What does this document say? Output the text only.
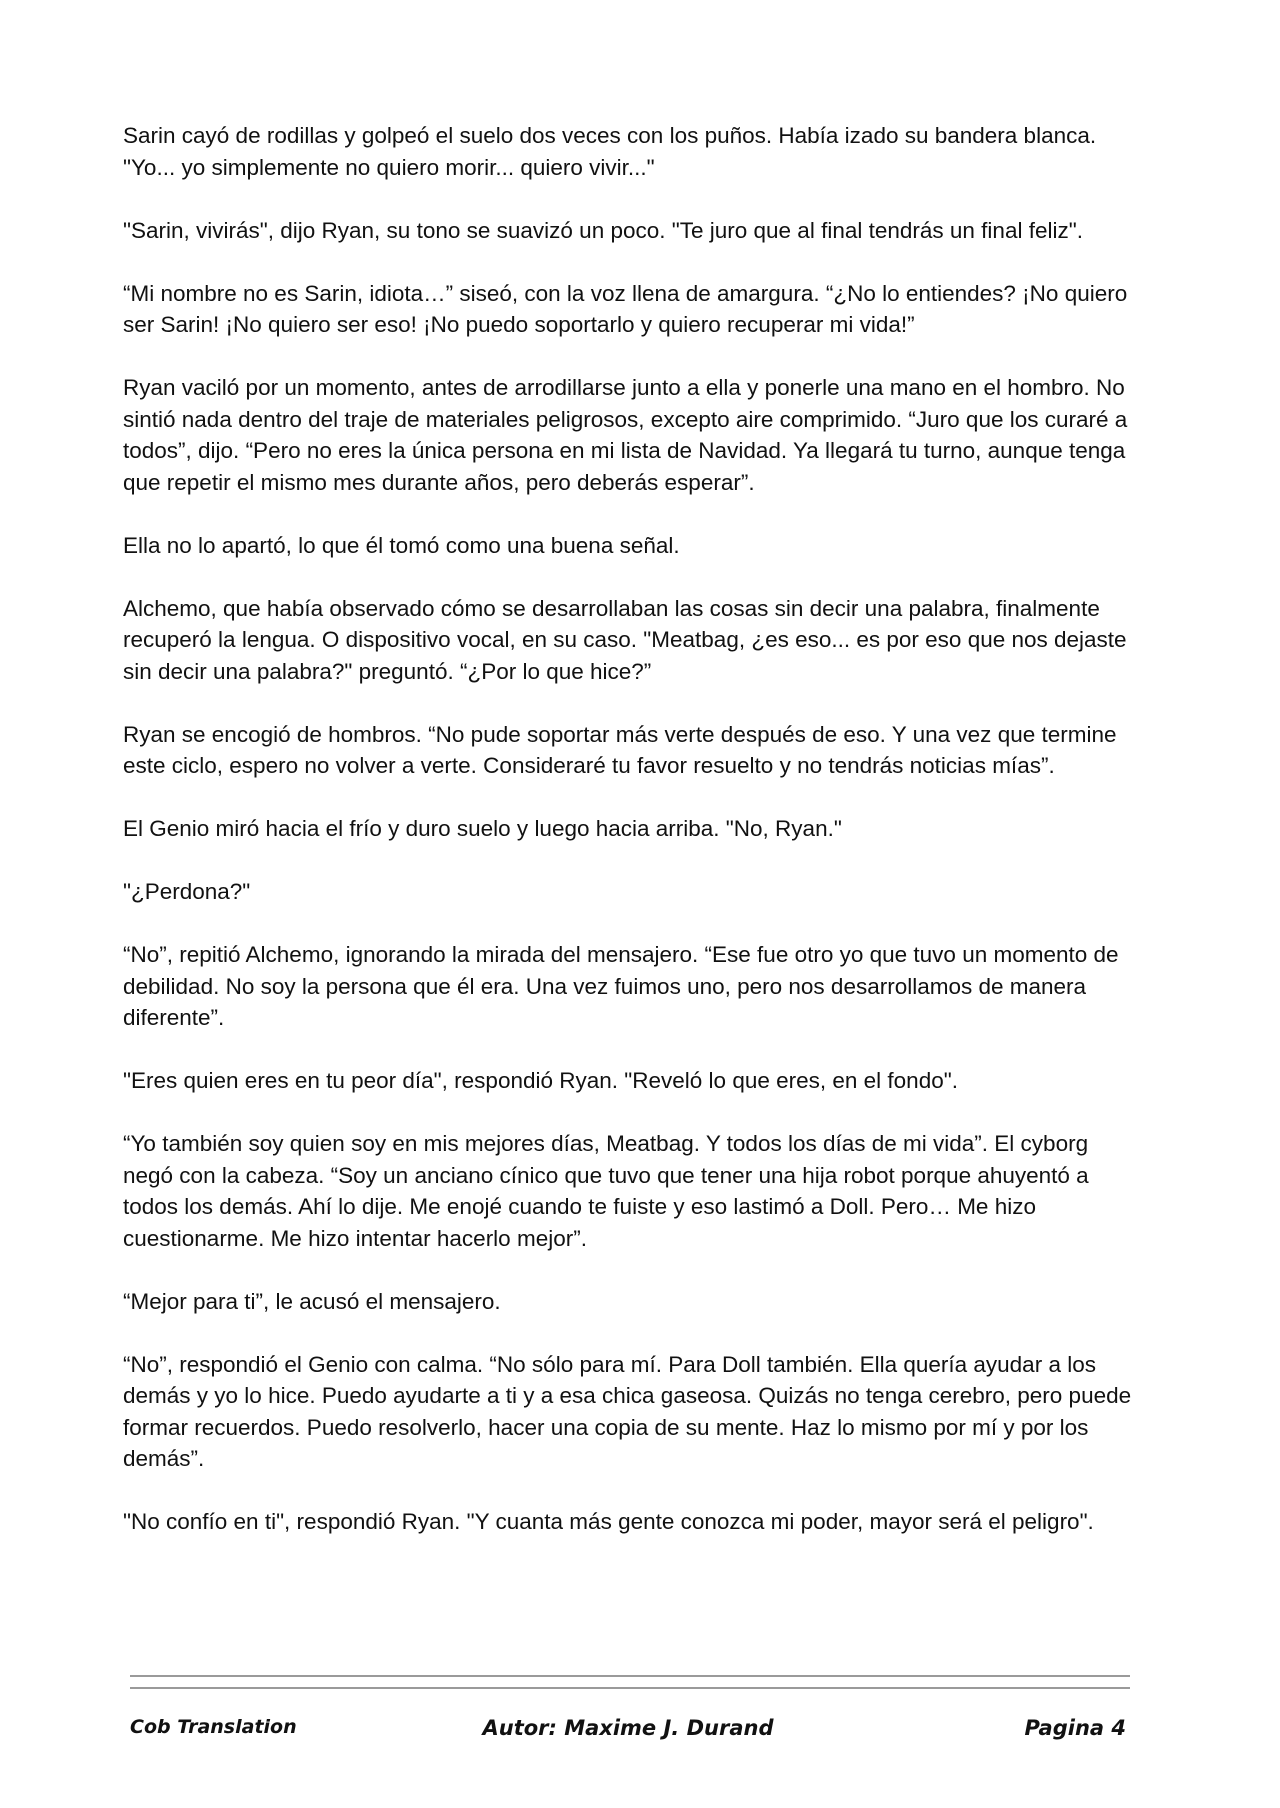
Sarin cayó de rodillas y golpeó el suelo dos veces con los puños. Había izado su bandera blanca. "Yo... yo simplemente no quiero morir... quiero vivir..."

"Sarin, vivirás", dijo Ryan, su tono se suavizó un poco. "Te juro que al final tendrás un final feliz".

“Mi nombre no es Sarin, idiota…” siseó, con la voz llena de amargura. “¿No lo entiendes? ¡No quiero ser Sarin! ¡No quiero ser eso! ¡No puedo soportarlo y quiero recuperar mi vida!”

Ryan vaciló por un momento, antes de arrodillarse junto a ella y ponerle una mano en el hombro. No sintió nada dentro del traje de materiales peligrosos, excepto aire comprimido. “Juro que los curaré a todos”, dijo. “Pero no eres la única persona en mi lista de Navidad. Ya llegará tu turno, aunque tenga que repetir el mismo mes durante años, pero deberás esperar”.

Ella no lo apartó, lo que él tomó como una buena señal.

Alchemo, que había observado cómo se desarrollaban las cosas sin decir una palabra, finalmente recuperó la lengua. O dispositivo vocal, en su caso. "Meatbag, ¿es eso... es por eso que nos dejaste sin decir una palabra?" preguntó. “¿Por lo que hice?”

Ryan se encogió de hombros. “No pude soportar más verte después de eso. Y una vez que termine este ciclo, espero no volver a verte. Consideraré tu favor resuelto y no tendrás noticias mías”.

El Genio miró hacia el frío y duro suelo y luego hacia arriba. "No, Ryan."

"¿Perdona?"

“No”, repitió Alchemo, ignorando la mirada del mensajero. “Ese fue otro yo que tuvo un momento de debilidad. No soy la persona que él era. Una vez fuimos uno, pero nos desarrollamos de manera diferente”.

"Eres quien eres en tu peor día", respondió Ryan. "Reveló lo que eres, en el fondo".

“Yo también soy quien soy en mis mejores días, Meatbag. Y todos los días de mi vida”. El cyborg negó con la cabeza. “Soy un anciano cínico que tuvo que tener una hija robot porque ahuyentó a todos los demás. Ahí lo dije. Me enojé cuando te fuiste y eso lastimó a Doll. Pero… Me hizo cuestionarme. Me hizo intentar hacerlo mejor”.

“Mejor para ti”, le acusó el mensajero.

“No”, respondió el Genio con calma. “No sólo para mí. Para Doll también. Ella quería ayudar a los demás y yo lo hice. Puedo ayudarte a ti y a esa chica gaseosa. Quizás no tenga cerebro, pero puede formar recuerdos. Puedo resolverlo, hacer una copia de su mente. Haz lo mismo por mí y por los demás”.

"No confío en ti", respondió Ryan. "Y cuanta más gente conozca mi poder, mayor será el peligro".

Cob Translation	Autor: Maxime J. Durand	Pagina 4
